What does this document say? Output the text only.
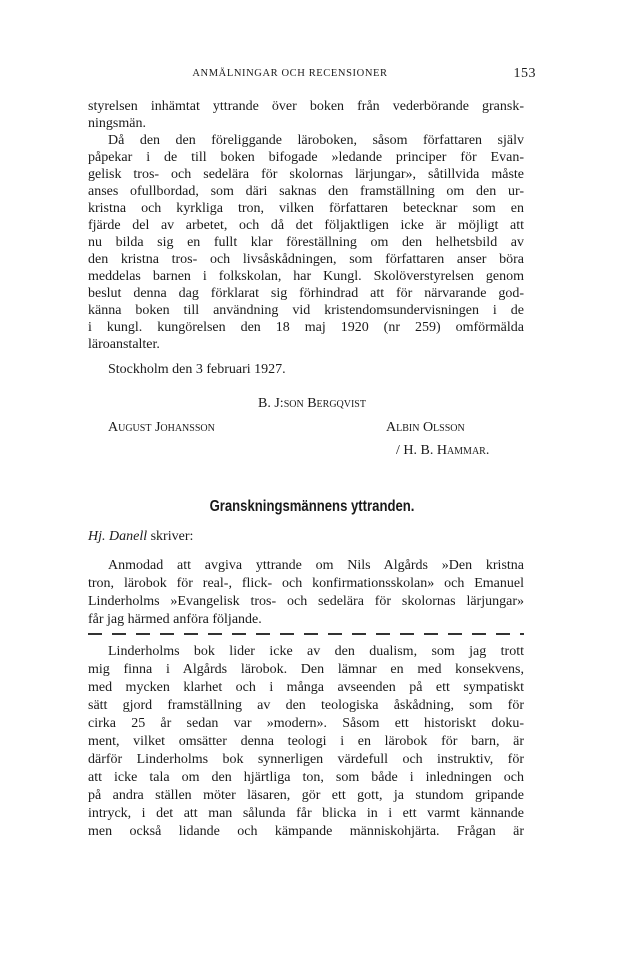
ANMÄLNINGAR OCH RECENSIONER	153
styrelsen inhämtat yttrande över boken från vederbörande gransk-
ningsmän.
Då den den föreliggande läroboken, såsom författaren själv
påpekar i de till boken bifogade »ledande principer för Evan-
gelisk tros- och sedelära för skolornas lärjungar», såtillvida måste
anses ofullbordad, som däri saknas den framställning om den ur-
kristna och kyrkliga tron, vilken författaren betecknar som en
fjärde del av arbetet, och då det följaktligen icke är möjligt att
nu bilda sig en fullt klar föreställning om den helhetsbild av
den kristna tros- och livsåskådningen, som författaren anser böra
meddelas barnen i folkskolan, har Kungl. Skolöverstyrelsen genom
beslut denna dag förklarat sig förhindrad att för närvarande god-
känna boken till användning vid kristendomsundervisningen i de
i kungl. kungörelsen den 18 maj 1920 (nr 259) omförmälda
läroanstalter.
Stockholm den 3 februari 1927.
B. J:son Bergqvist
August Johansson	Albin Olsson
/ H. B. Hammar.
Granskningsmännens yttranden.
Hj. Danell skriver:
Anmodad att avgiva yttrande om Nils Algårds »Den kristna
tron, lärobok för real-, flick- och konfirmationsskolan» och Emanuel
Linderholms »Evangelisk tros- och sedelära för skolornas lärjungar»
får jag härmed anföra följande.
Linderholms bok lider icke av den dualism, som jag trott
mig finna i Algårds lärobok. Den lämnar en med konsekvens,
med mycken klarhet och i många avseenden på ett sympatiskt
sätt gjord framställning av den teologiska åskådning, som för
cirka 25 år sedan var »modern». Såsom ett historiskt doku-
ment, vilket omsätter denna teologi i en lärobok för barn, är
därför Linderholms bok synnerligen värdefull och instruktiv, för
att icke tala om den hjärtliga ton, som både i inledningen och
på andra ställen möter läsaren, gör ett gott, ja stundom gripande
intryck, i det att man sålunda får blicka in i ett varmt kännande
men också lidande och kämpande människohjärta. Frågan är
